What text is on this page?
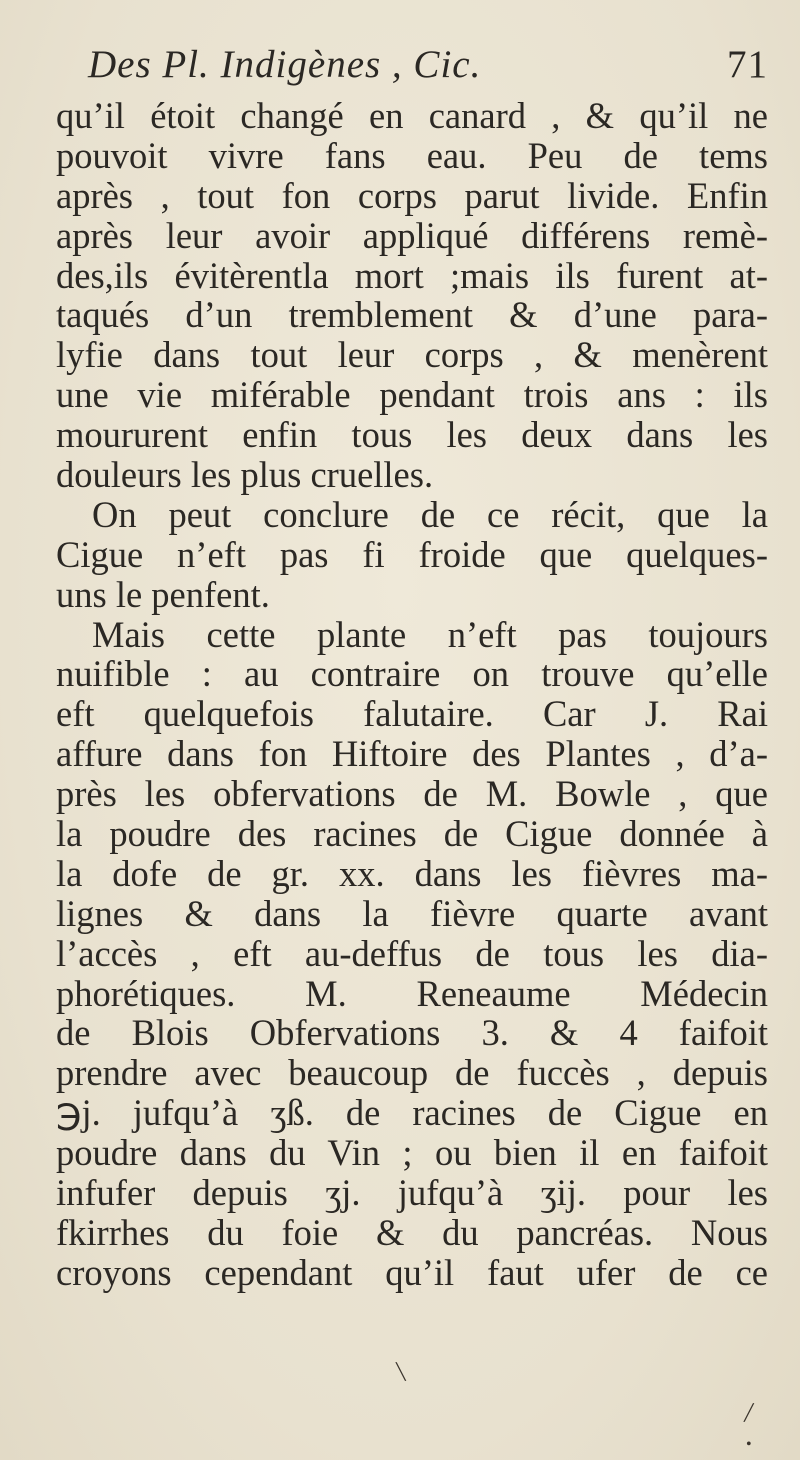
Des Pl. Indigènes , Cic.	71
qu’il étoit changé en canard , & qu’il ne
pouvoit vivre fans eau. Peu de tems
après , tout fon corps parut livide. Enfin
après leur avoir appliqué différens remè-
des,ils évitèrentla mort ;mais ils furent at-
taqués d’un tremblement & d’une para-
lyfie dans tout leur corps , & menèrent
une vie miférable pendant trois ans : ils
moururent enfin tous les deux dans les
douleurs les plus cruelles.
On peut conclure de ce récit, que la
Cigue n’eft pas fi froide que quelques-
uns le penfent.
Mais cette plante n’eft pas toujours
nuifible : au contraire on trouve qu’elle
eft quelquefois falutaire. Car J. Rai
affure dans fon Hiftoire des Plantes , d’a-
près les obfervations de M. Bowle , que
la poudre des racines de Cigue donnée à
la dofe de gr. xx. dans les fièvres ma-
lignes & dans la fièvre quarte avant
l’accès , eft au-deffus de tous les dia-
phorétiques. M. Reneaume Médecin
de Blois Obfervations 3. & 4 faifoit
prendre avec beaucoup de fuccès , depuis
℈j. jufqu’à ʒß. de racines de Cigue en
poudre dans du Vin ; ou bien il en faifoit
infufer depuis ʒj. jufqu’à ʒij. pour les
fkirrhes du foie & du pancréas. Nous
croyons cependant qu’il faut ufer de ce
╲
╱
•
